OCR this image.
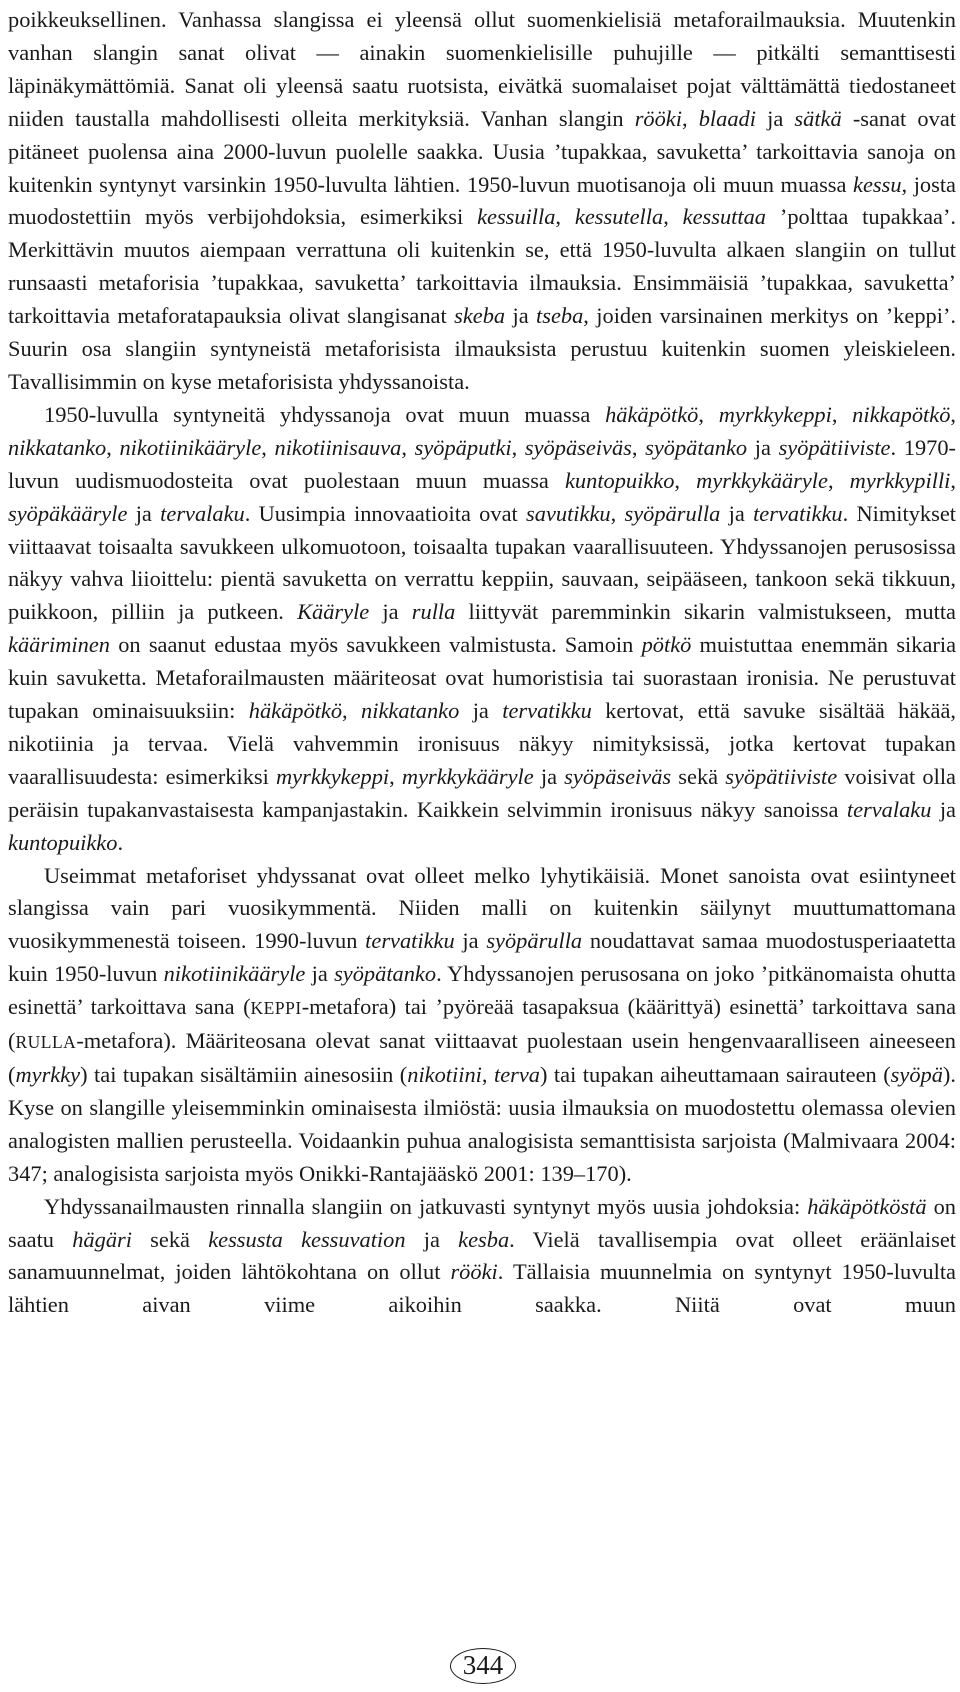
poikkeuksellinen. Vanhassa slangissa ei yleensä ollut suomenkielisiä metaforailmauksia. Muutenkin vanhan slangin sanat olivat — ainakin suomenkielisille puhujille — pitkälti semanttisesti läpinäkymättömiä. Sanat oli yleensä saatu ruotsista, eivätkä suomalaiset pojat välttämättä tiedostaneet niiden taustalla mahdollisesti olleita merkityksiä. Vanhan slangin rööki, blaadi ja sätkä -sanat ovat pitäneet puolensa aina 2000-luvun puolelle saakka. Uusia ’tupakkaa, savuketta’ tarkoittavia sanoja on kuitenkin syntynyt varsinkin 1950-luvulta lähtien. 1950-luvun muotisanoja oli muun muassa kessu, josta muodostettiin myös verbijohdoksia, esimerkiksi kessuilla, kessutella, kessuttaa ’polttaa tupakkaa’. Merkittävin muutos aiempaan verrattuna oli kuitenkin se, että 1950-luvulta alkaen slangiin on tullut runsaasti metaforisia ’tupakkaa, savuketta’ tarkoittavia ilmauksia. Ensimmäisiä ’tupakkaa, savuketta’ tarkoittavia metaforatapauksia olivat slangisanat skeba ja tseba, joiden varsinainen merkitys on ’keppi’. Suurin osa slangiin syntyneistä metaforisista ilmauksista perustuu kuitenkin suomen yleiskieleen. Tavallisimmin on kyse metaforisista yhdyssanoista.

1950-luvulla syntyneitä yhdyssanoja ovat muun muassa häkäpötkö, myrkkykeppi, nikkapötkö, nikkatanko, nikotiinikääryle, nikotiinisauva, syöpäputki, syöpäseiväs, syöpätanko ja syöpätiiviste. 1970-luvun uudismuodosteita ovat puolestaan muun muassa kuntopuikko, myrkkykääryle, myrkkypilli, syöpäkääryle ja tervalaku. Uusimpia innovaatioita ovat savutikku, syöpärulla ja tervatikku. Nimitykset viittaavat toisaalta savukkeen ulkomuotoon, toisaalta tupakan vaarallisuuteen. Yhdyssanojen perusosissa näkyy vahva liioittelu: pientä savuketta on verrattu keppiin, sauvaan, seipääseen, tankoon sekä tikkuun, puikkoon, pilliin ja putkeen. Kääryle ja rulla liittyvät paremminkin sikarin valmistukseen, mutta kääriminen on saanut edustaa myös savukkeen valmistusta. Samoin pötkö muistuttaa enemmän sikaria kuin savuketta. Metaforailmausten määriteosat ovat humoristisia tai suorastaan ironisia. Ne perustuvat tupakan ominaisuuksiin: häkäpötkö, nikkatanko ja tervatikku kertovat, että savuke sisältää häkää, nikotiinia ja tervaa. Vielä vahvemmin ironisuus näkyy nimityksissä, jotka kertovat tupakan vaarallisuudesta: esimerkiksi myrkkykeppi, myrkkykääryle ja syöpäseiväs sekä syöpätiiviste voisivat olla peräisin tupakanvastaisesta kampanjastakin. Kaikkein selvimmin ironisuus näkyy sanoissa tervalaku ja kuntopuikko.

Useimmat metaforiset yhdyssanat ovat olleet melko lyhytikäisiä. Monet sanoista ovat esiintyneet slangissa vain pari vuosikymmentä. Niiden malli on kuitenkin säilynyt muuttumattomana vuosikymmenestä toiseen. 1990-luvun tervatikku ja syöpärulla noudattavat samaa muodostusperiaatetta kuin 1950-luvun nikotiinikääryle ja syöpätanko. Yhdyssanojen perusosana on joko ’pitkänomaista ohutta esinettä’ tarkoittava sana (KEPPI-metafora) tai ’pyöreää tasapaksua (käärittyä) esinettä’ tarkoittava sana (RULLA-metafora). Määriteosana olevat sanat viittaavat puolestaan usein hengenvaaralliseen aineeseen (myrkky) tai tupakan sisältämiin ainesosiin (nikotiini, terva) tai tupakan aiheuttamaan sairauteen (syöpä). Kyse on slangille yleisemminkin ominaisesta ilmiöstä: uusia ilmauksia on muodostettu olemassa olevien analogisten mallien perusteella. Voidaankin puhua analogisista semanttisista sarjoista (Malmivaara 2004: 347; analogisista sarjoista myös Onikki-Rantajääskö 2001: 139–170).

Yhdyssanailmausten rinnalla slangiin on jatkuvasti syntynyt myös uusia johdoksia: häkäpötköstä on saatu hägäri sekä kessusta kessuvation ja kesba. Vielä tavallisempia ovat olleet eräänlaiset sanamuunnelmat, joiden lähtökohtana on ollut rööki. Tällaisia muunnelmia on syntynyt 1950-luvulta lähtien aivan viime aikoihin saakka. Niitä ovat muun

344
